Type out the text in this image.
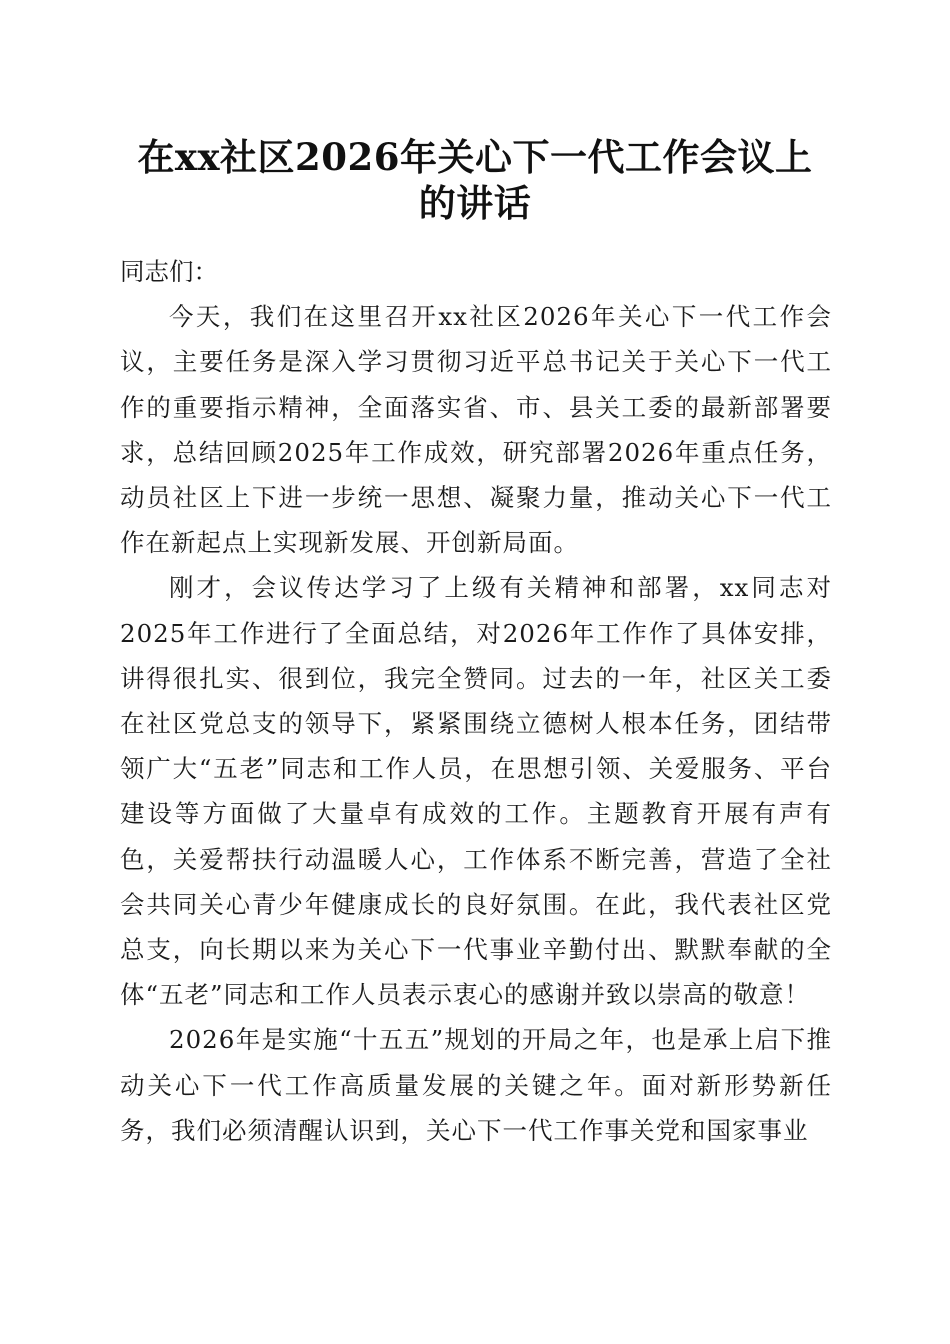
在xx社区2026年关心下一代工作会议上的讲话

同志们：

今天，我们在这里召开xx社区2026年关心下一代工作会议，主要任务是深入学习贯彻习近平总书记关于关心下一代工作的重要指示精神，全面落实省、市、县关工委的最新部署要求，总结回顾2025年工作成效，研究部署2026年重点任务，动员社区上下进一步统一思想、凝聚力量，推动关心下一代工作在新起点上实现新发展、开创新局面。

刚才，会议传达学习了上级有关精神和部署，xx同志对2025年工作进行了全面总结，对2026年工作作了具体安排，讲得很扎实、很到位，我完全赞同。过去的一年，社区关工委在社区党总支的领导下，紧紧围绕立德树人根本任务，团结带领广大“五老”同志和工作人员，在思想引领、关爱服务、平台建设等方面做了大量卓有成效的工作。主题教育开展有声有色，关爱帮扶行动温暖人心，工作体系不断完善，营造了全社会共同关心青少年健康成长的良好氛围。在此，我代表社区党总支，向长期以来为关心下一代事业辛勤付出、默默奉献的全体“五老”同志和工作人员表示衷心的感谢并致以崇高的敬意！

2026年是实施“十五五”规划的开局之年，也是承上启下推动关心下一代工作高质量发展的关键之年。面对新形势新任务，我们必须清醒认识到，关心下一代工作事关党和国家事业
